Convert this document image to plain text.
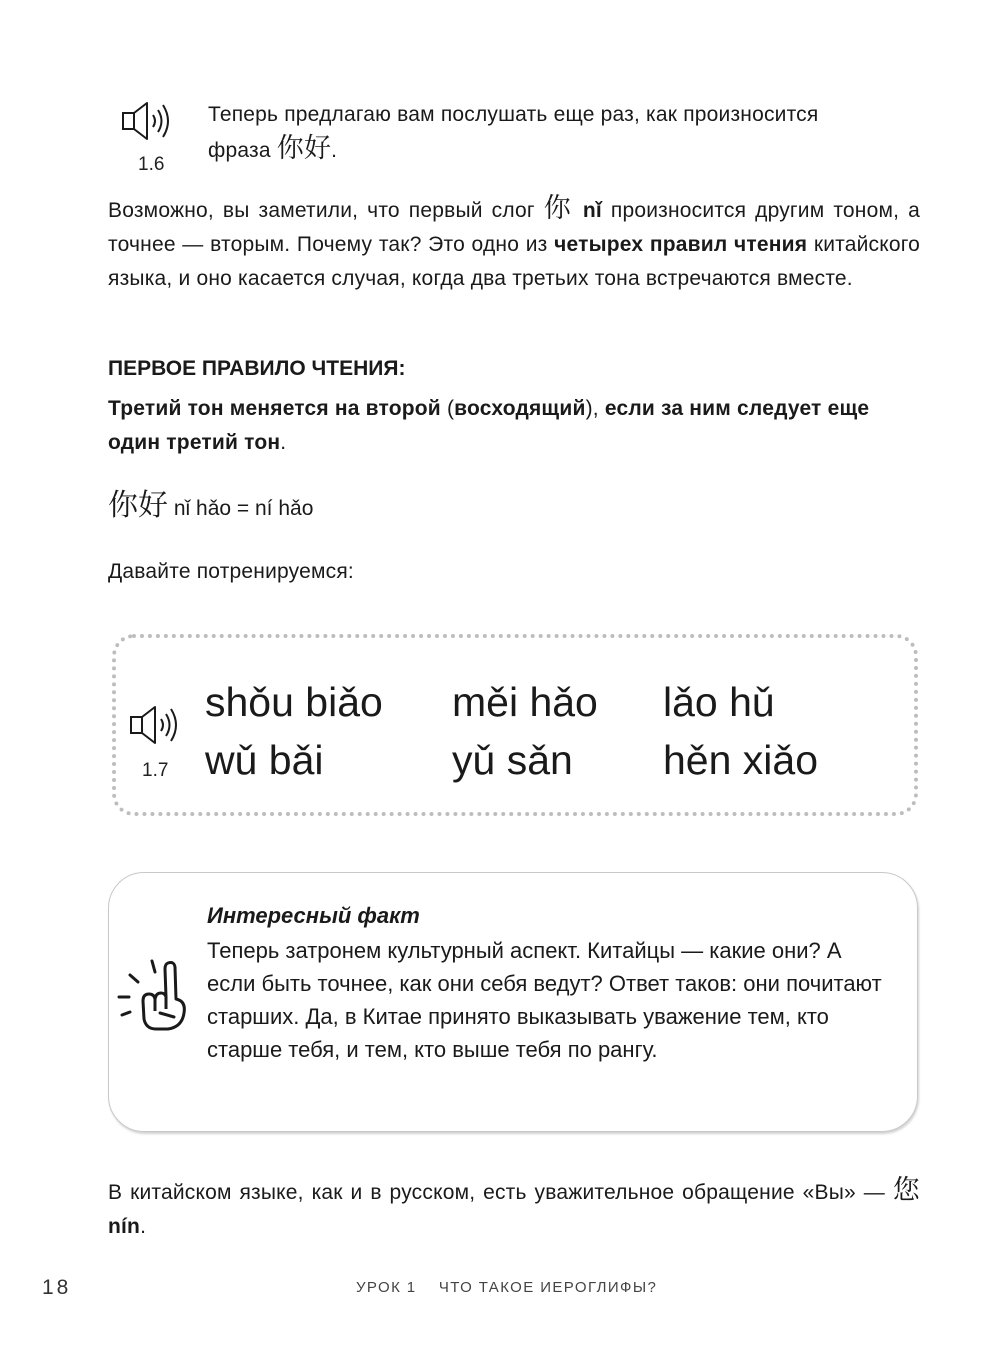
1.6
Теперь предлагаю вам послушать еще раз, как произносится
фраза 你好.
Возможно, вы заметили, что первый слог 你 nǐ произносится другим тоном, а точнее — вторым. Почему так? Это одно из четырех правил чтения китайского языка, и оно касается случая, когда два третьих тона встречаются вместе.
ПЕРВОЕ ПРАВИЛО ЧТЕНИЯ:
Третий тон меняется на второй (восходящий), если за ним следует еще один третий тон.
你好 nǐ hǎo = ní hǎo
Давайте потренируемся:
1.7
shǒu biǎo měi hǎo lǎo hǔ
wǔ bǎi	yǔ sǎn hěn xiǎo
Интересный факт
Теперь затронем культурный аспект. Китайцы — какие они? А если быть точнее, как они себя ведут? Ответ таков: они почитают старших. Да, в Китае принято выказывать уважение тем, кто старше тебя, и тем, кто выше тебя по рангу.
В китайском языке, как и в русском, есть уважительное обращение «Вы» — 您 nín.
18	УРОК 1 ЧТО ТАКОЕ ИЕРОГЛИФЫ?
